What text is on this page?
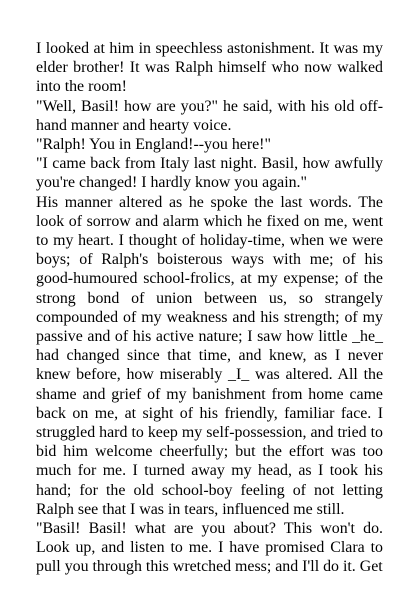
I looked at him in speechless astonishment. It was my elder brother! It was Ralph himself who now walked into the room!

"Well, Basil! how are you?" he said, with his old off-hand manner and hearty voice.

"Ralph! You in England!--you here!"

"I came back from Italy last night. Basil, how awfully you're changed! I hardly know you again."

His manner altered as he spoke the last words. The look of sorrow and alarm which he fixed on me, went to my heart. I thought of holiday-time, when we were boys; of Ralph's boisterous ways with me; of his good-humoured school-frolics, at my expense; of the strong bond of union between us, so strangely compounded of my weakness and his strength; of my passive and of his active nature; I saw how little _he_ had changed since that time, and knew, as I never knew before, how miserably _I_ was altered. All the shame and grief of my banishment from home came back on me, at sight of his friendly, familiar face. I struggled hard to keep my self-possession, and tried to bid him welcome cheerfully; but the effort was too much for me. I turned away my head, as I took his hand; for the old school-boy feeling of not letting Ralph see that I was in tears, influenced me still.

"Basil! Basil! what are you about? This won't do. Look up, and listen to me. I have promised Clara to pull you through this wretched mess; and I'll do it. Get
